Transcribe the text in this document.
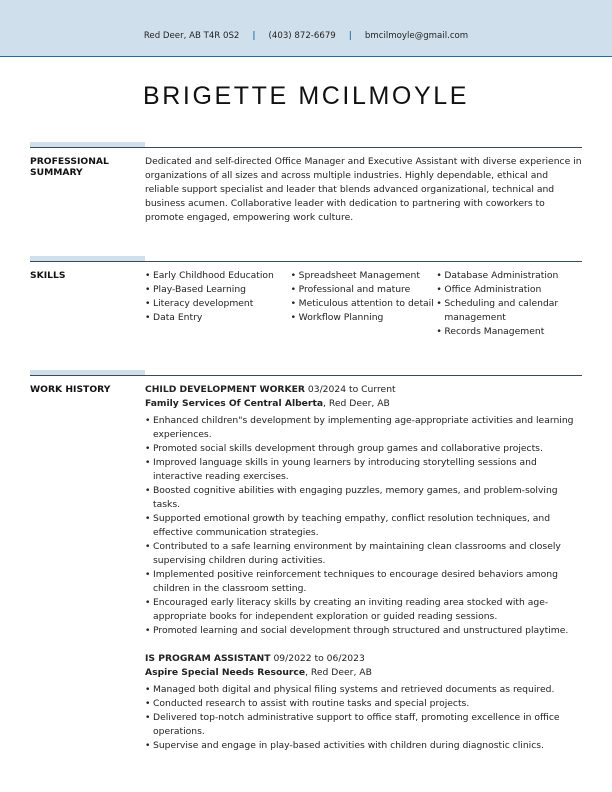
Red Deer, AB T4R 0S2 | (403) 872-6679 | bmcilmoyle@gmail.com
BRIGETTE MCILMOYLE
PROFESSIONAL SUMMARY
Dedicated and self-directed Office Manager and Executive Assistant with diverse experience in organizations of all sizes and across multiple industries. Highly dependable, ethical and reliable support specialist and leader that blends advanced organizational, technical and business acumen. Collaborative leader with dedication to partnering with coworkers to promote engaged, empowering work culture.
SKILLS	• Early Childhood Education
• Play-Based Learning
• Literacy development
• Data Entry
• Spreadsheet Management
• Professional and mature
• Meticulous attention to detail
• Workflow Planning
• Database Administration
• Office Administration
• Scheduling and calendar management
• Records Management
WORK HISTORY	CHILD DEVELOPMENT WORKER 03/2024 to Current
Family Services Of Central Alberta, Red Deer, AB
• Enhanced children"s development by implementing age-appropriate activities and learning experiences.
• Promoted social skills development through group games and collaborative projects.
• Improved language skills in young learners by introducing storytelling sessions and interactive reading exercises.
• Boosted cognitive abilities with engaging puzzles, memory games, and problem-solving tasks.
• Supported emotional growth by teaching empathy, conflict resolution techniques, and effective communication strategies.
• Contributed to a safe learning environment by maintaining clean classrooms and closely supervising children during activities.
• Implemented positive reinforcement techniques to encourage desired behaviors among children in the classroom setting.
• Encouraged early literacy skills by creating an inviting reading area stocked with age-appropriate books for independent exploration or guided reading sessions.
• Promoted learning and social development through structured and unstructured playtime.
IS PROGRAM ASSISTANT 09/2022 to 06/2023
Aspire Special Needs Resource, Red Deer, AB
• Managed both digital and physical filing systems and retrieved documents as required.
• Conducted research to assist with routine tasks and special projects.
• Delivered top-notch administrative support to office staff, promoting excellence in office operations.
• Supervise and engage in play-based activities with children during diagnostic clinics.
